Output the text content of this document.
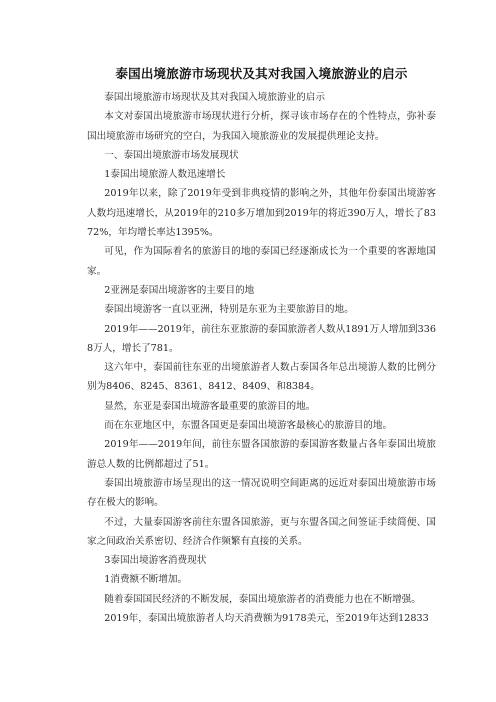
泰国出境旅游市场现状及其对我国入境旅游业的启示

泰国出境旅游市场现状及其对我国入境旅游业的启示

本文对泰国出境旅游市场现状进行分析，探寻该市场存在的个性特点，弥补泰国出境旅游市场研究的空白，为我国入境旅游业的发展提供理论支持。

一、泰国出境旅游市场发展现状

1泰国出境旅游人数迅速增长

2019年以来，除了2019年受到非典疫情的影响之外，其他年份泰国出境游客人数均迅速增长，从2019年的210多万增加到2019年的将近390万人，增长了8372%，年均增长率达1395%。

可见，作为国际着名的旅游目的地的泰国已经逐渐成长为一个重要的客源地国家。

2亚洲是泰国出境游客的主要目的地

泰国出境游客一直以亚洲，特别是东亚为主要旅游目的地。

2019年——2019年，前往东亚旅游的泰国旅游者人数从1891万人增加到3368万人，增长了781。

这六年中，泰国前往东亚的出境旅游者人数占泰国各年总出境游人数的比例分别为8406、8245、8361、8412、8409、和8384。

显然，东亚是泰国出境游客最重要的旅游目的地。

而在东亚地区中，东盟各国更是泰国出境游客最核心的旅游目的地。

2019年——2019年间，前往东盟各国旅游的泰国游客数量占各年泰国出境旅游总人数的比例都超过了51。

泰国出境旅游市场呈现出的这一情况说明空间距离的远近对泰国出境旅游市场存在极大的影响。

不过，大量泰国游客前往东盟各国旅游，更与东盟各国之间签证手续简便、国家之间政治关系密切、经济合作频繁有直接的关系。

3泰国出境游客消费现状

1消费额不断增加。

随着泰国国民经济的不断发展，泰国出境旅游者的消费能力也在不断增强。

2019年，泰国出境旅游者人均天消费额为9178美元，至2019年达到12833
